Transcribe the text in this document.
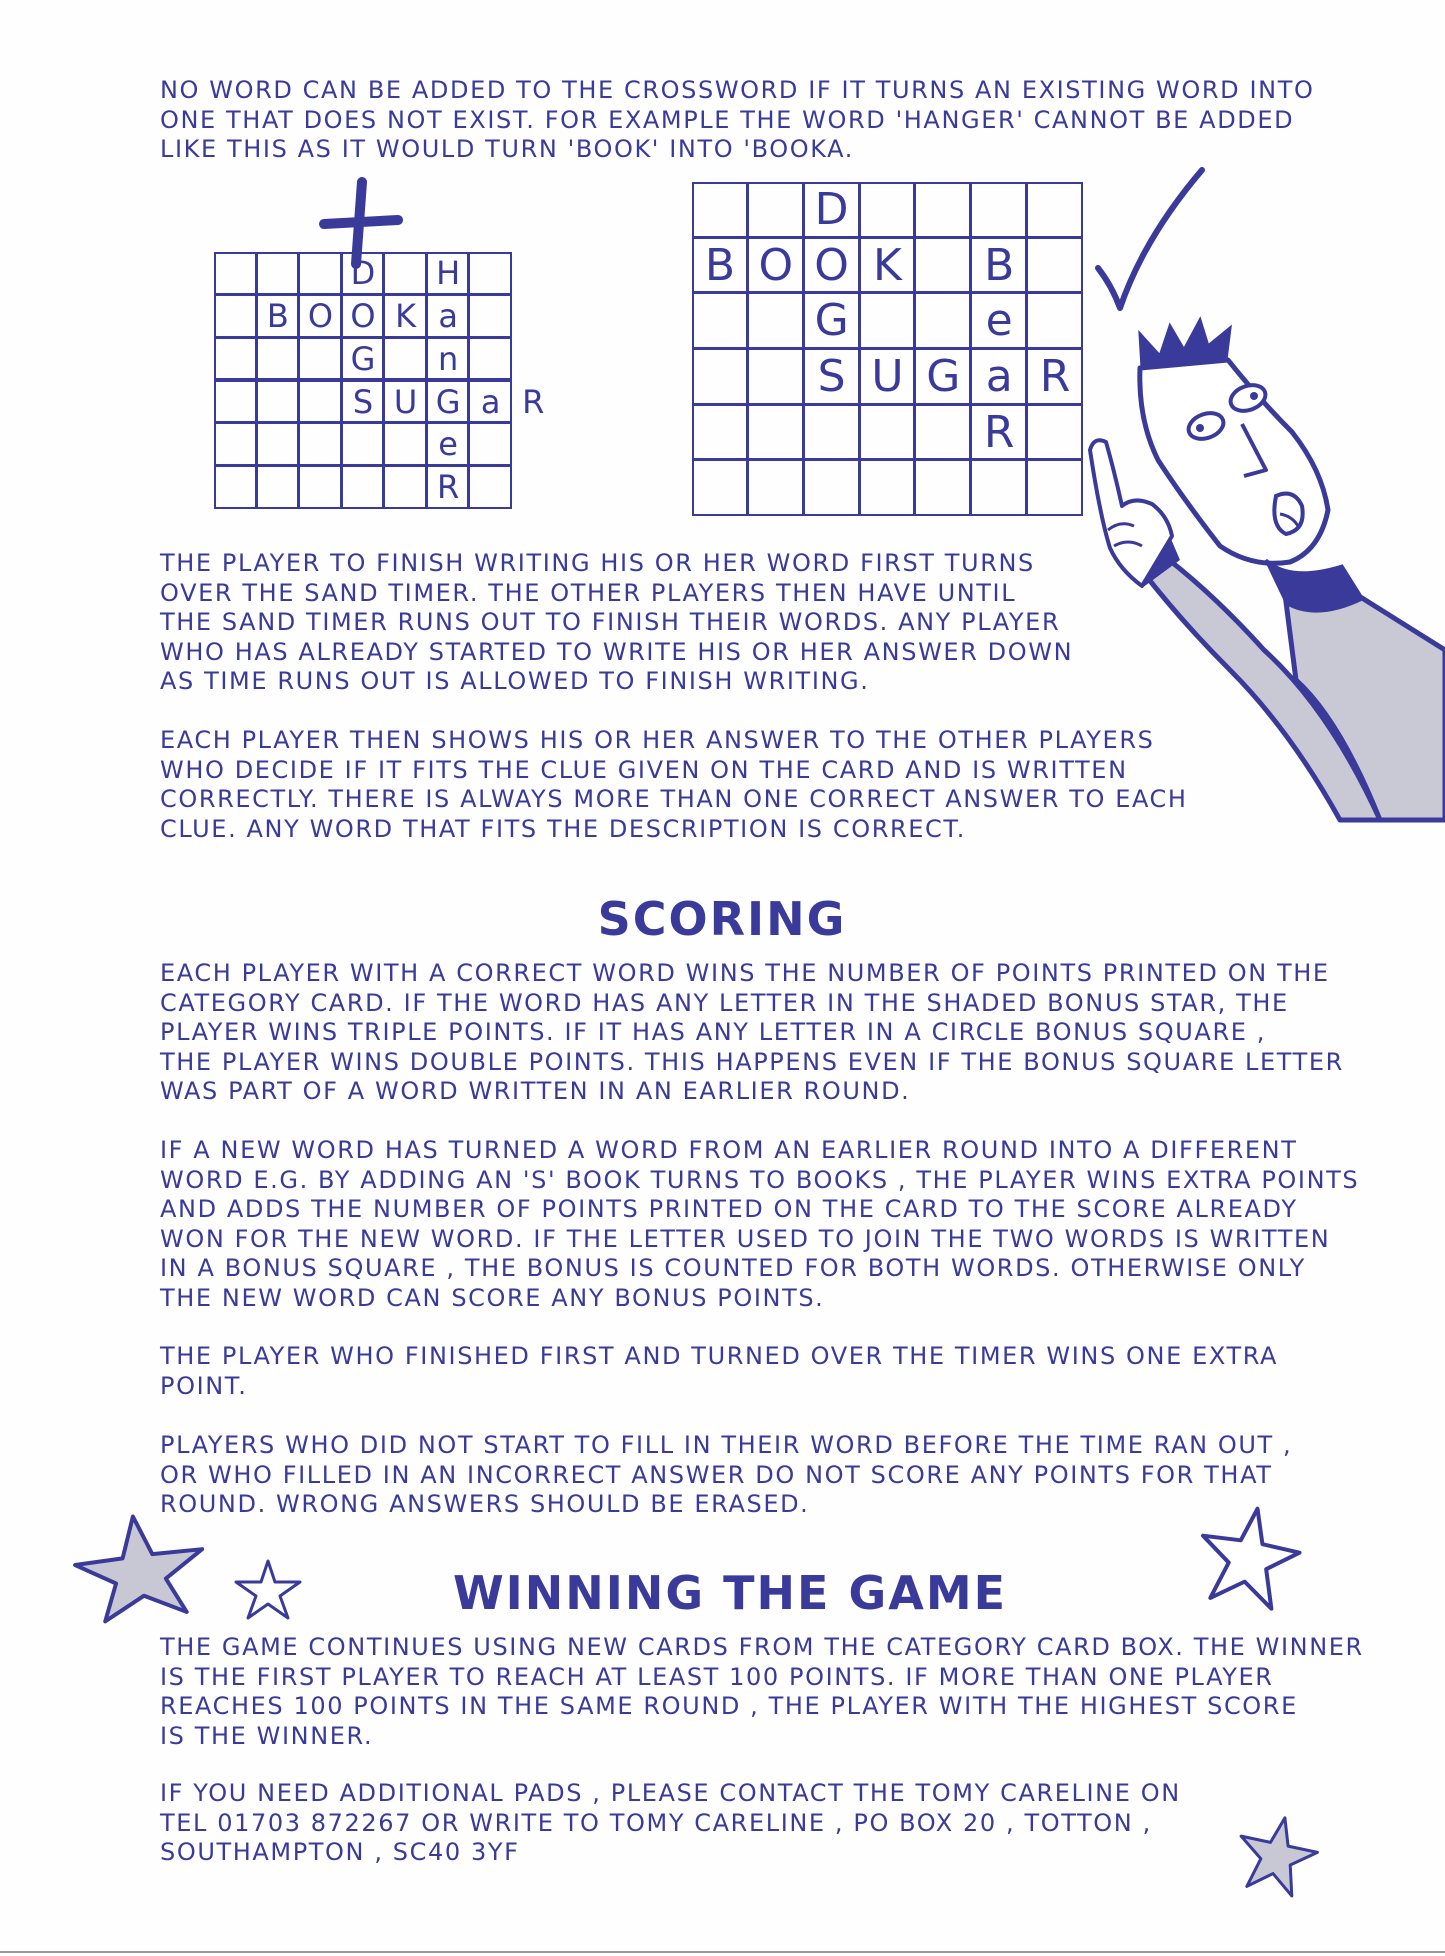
NO WORD CAN BE ADDED TO THE CROSSWORD IF IT TURNS AN EXISTING WORD INTO
ONE THAT DOES NOT EXIST. FOR EXAMPLE THE WORD 'HANGER' CANNOT BE ADDED
LIKE THIS AS IT WOULD TURN 'BOOK' INTO 'BOOKA.
D H
B O O K a
G	n
S U G a R
e
R
D
B O O K	B
G	e
S U G a R
R
THE PLAYER TO FINISH WRITING HIS OR HER WORD FIRST TURNS
OVER THE SAND TIMER. THE OTHER PLAYERS THEN HAVE UNTIL
THE SAND TIMER RUNS OUT TO FINISH THEIR WORDS. ANY PLAYER
WHO HAS ALREADY STARTED TO WRITE HIS OR HER ANSWER DOWN
AS TIME RUNS OUT IS ALLOWED TO FINISH WRITING.
EACH PLAYER THEN SHOWS HIS OR HER ANSWER TO THE OTHER PLAYERS
WHO DECIDE IF IT FITS THE CLUE GIVEN ON THE CARD AND IS WRITTEN
CORRECTLY. THERE IS ALWAYS MORE THAN ONE CORRECT ANSWER TO EACH
CLUE. ANY WORD THAT FITS THE DESCRIPTION IS CORRECT.
SCORING
EACH PLAYER WITH A CORRECT WORD WINS THE NUMBER OF POINTS PRINTED ON THE
CATEGORY CARD. IF THE WORD HAS ANY LETTER IN THE SHADED BONUS STAR, THE
PLAYER WINS TRIPLE POINTS. IF IT HAS ANY LETTER IN A CIRCLE BONUS SQUARE ,
THE PLAYER WINS DOUBLE POINTS. THIS HAPPENS EVEN IF THE BONUS SQUARE LETTER
WAS PART OF A WORD WRITTEN IN AN EARLIER ROUND.
IF A NEW WORD HAS TURNED A WORD FROM AN EARLIER ROUND INTO A DIFFERENT
WORD E.G. BY ADDING AN 'S' BOOK TURNS TO BOOKS , THE PLAYER WINS EXTRA POINTS
AND ADDS THE NUMBER OF POINTS PRINTED ON THE CARD TO THE SCORE ALREADY
WON FOR THE NEW WORD. IF THE LETTER USED TO JOIN THE TWO WORDS IS WRITTEN
IN A BONUS SQUARE , THE BONUS IS COUNTED FOR BOTH WORDS. OTHERWISE ONLY
THE NEW WORD CAN SCORE ANY BONUS POINTS.
THE PLAYER WHO FINISHED FIRST AND TURNED OVER THE TIMER WINS ONE EXTRA
POINT.
PLAYERS WHO DID NOT START TO FILL IN THEIR WORD BEFORE THE TIME RAN OUT ,
OR WHO FILLED IN AN INCORRECT ANSWER DO NOT SCORE ANY POINTS FOR THAT
ROUND. WRONG ANSWERS SHOULD BE ERASED.
WINNING THE GAME
THE GAME CONTINUES USING NEW CARDS FROM THE CATEGORY CARD BOX. THE WINNER
IS THE FIRST PLAYER TO REACH AT LEAST 100 POINTS. IF MORE THAN ONE PLAYER
REACHES 100 POINTS IN THE SAME ROUND , THE PLAYER WITH THE HIGHEST SCORE
IS THE WINNER.
IF YOU NEED ADDITIONAL PADS , PLEASE CONTACT THE TOMY CARELINE ON
TEL 01703 872267 OR WRITE TO TOMY CARELINE , PO BOX 20 , TOTTON ,
SOUTHAMPTON , SC40 3YF
